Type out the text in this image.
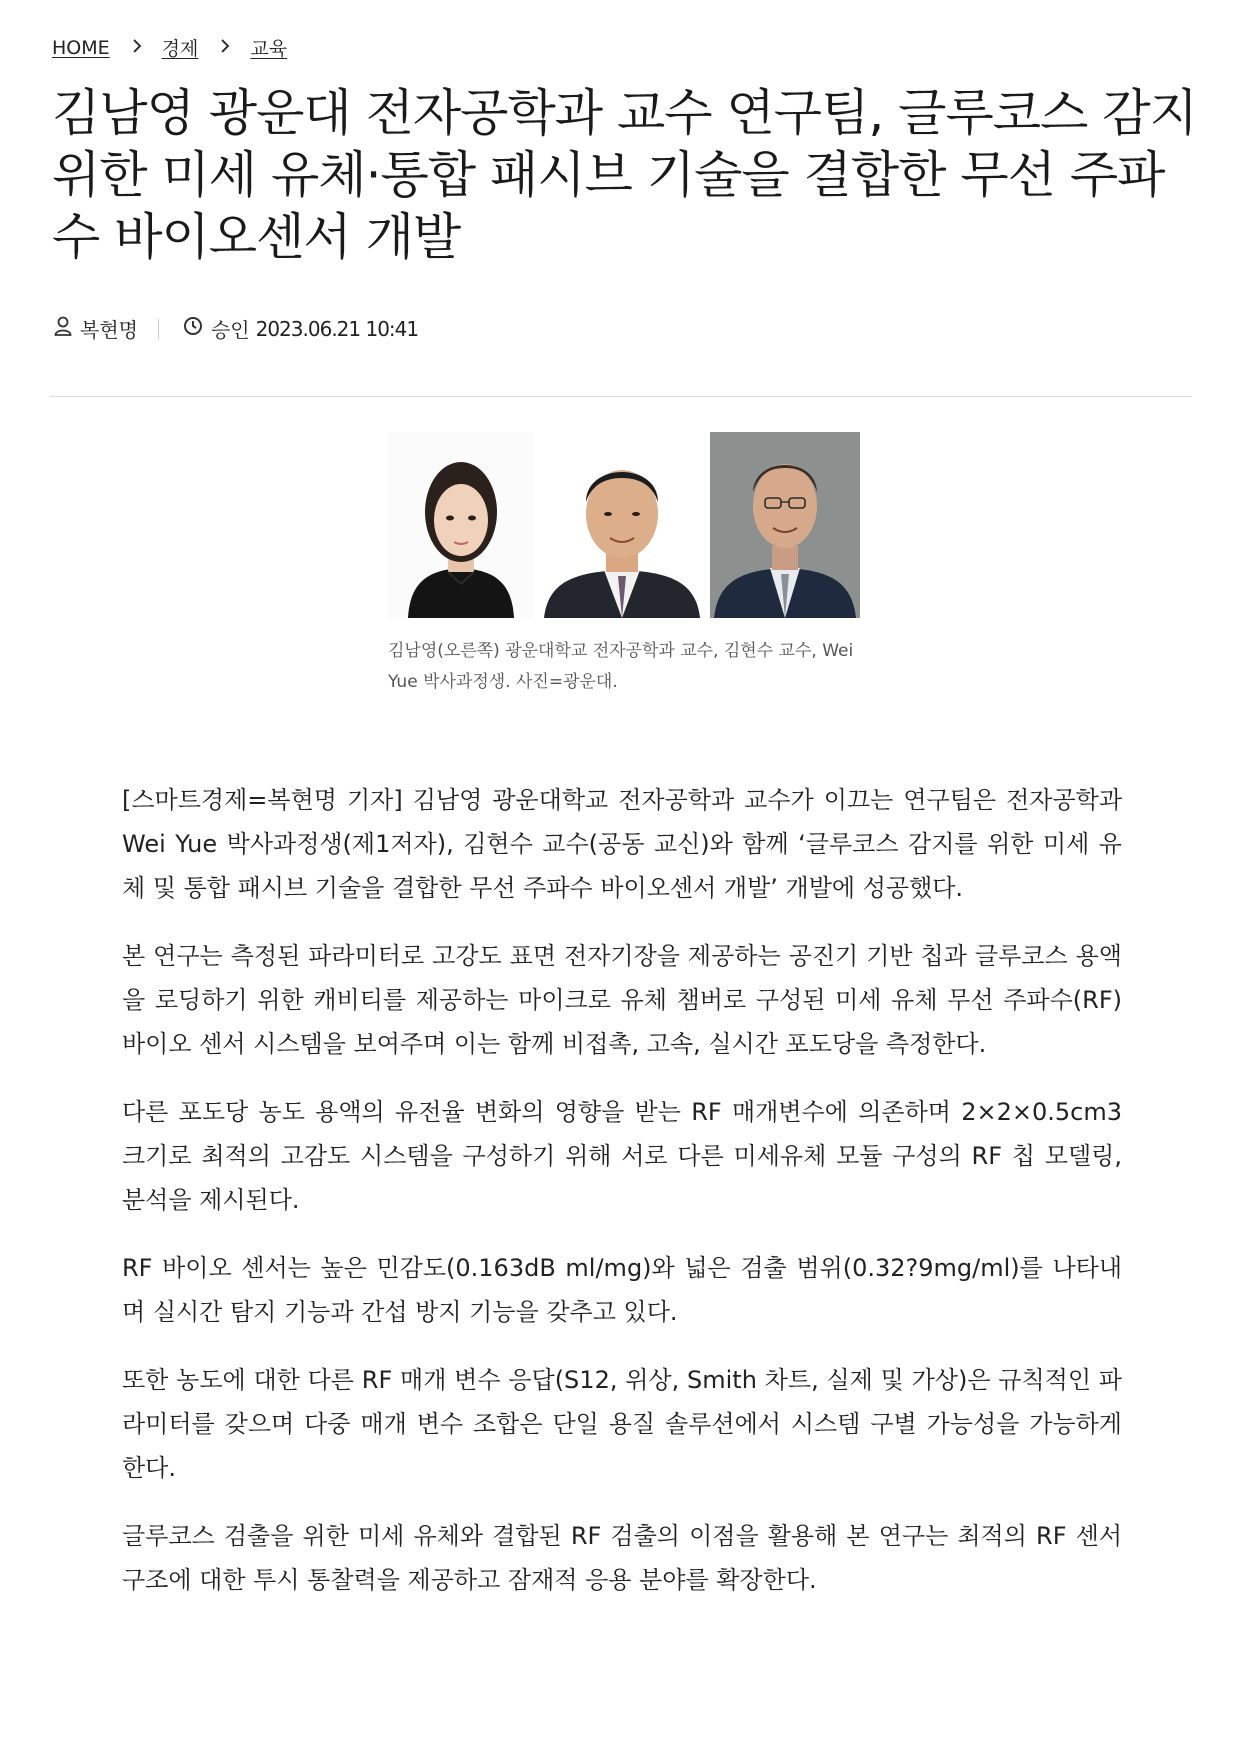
HOME	경제	교육
김남영 광운대 전자공학과 교수 연구팀, 글루코스 감지 위한 미세 유체·통합 패시브 기술을 결합한 무선 주파수 바이오센서 개발
복현명	승인 2023.06.21 10:41
김남영(오른쪽) 광운대학교 전자공학과 교수, 김현수 교수, Wei Yue 박사과정생. 사진=광운대.

[스마트경제=복현명 기자] 김남영 광운대학교 전자공학과 교수가 이끄는 연구팀은 전자공학과 Wei Yue 박사과정생(제1저자), 김현수 교수(공동 교신)와 함께 ‘글루코스 감지를 위한 미세 유체 및 통합 패시브 기술을 결합한 무선 주파수 바이오센서 개발’ 개발에 성공했다.

본 연구는 측정된 파라미터로 고강도 표면 전자기장을 제공하는 공진기 기반 칩과 글루코스 용액을 로딩하기 위한 캐비티를 제공하는 마이크로 유체 챔버로 구성된 미세 유체 무선 주파수(RF) 바이오 센서 시스템을 보여주며 이는 함께 비접촉, 고속, 실시간 포도당을 측정한다.

다른 포도당 농도 용액의 유전율 변화의 영향을 받는 RF 매개변수에 의존하며 2×2×0.5cm3 크기로 최적의 고감도 시스템을 구성하기 위해 서로 다른 미세유체 모듈 구성의 RF 칩 모델링, 분석을 제시된다.

RF 바이오 센서는 높은 민감도(0.163dB ml/mg)와 넓은 검출 범위(0.32?9mg/ml)를 나타내며 실시간 탐지 기능과 간섭 방지 기능을 갖추고 있다.

또한 농도에 대한 다른 RF 매개 변수 응답(S12, 위상, Smith 차트, 실제 및 가상)은 규칙적인 파라미터를 갖으며 다중 매개 변수 조합은 단일 용질 솔루션에서 시스템 구별 가능성을 가능하게 한다.

글루코스 검출을 위한 미세 유체와 결합된 RF 검출의 이점을 활용해 본 연구는 최적의 RF 센서 구조에 대한 투시 통찰력을 제공하고 잠재적 응용 분야를 확장한다.
